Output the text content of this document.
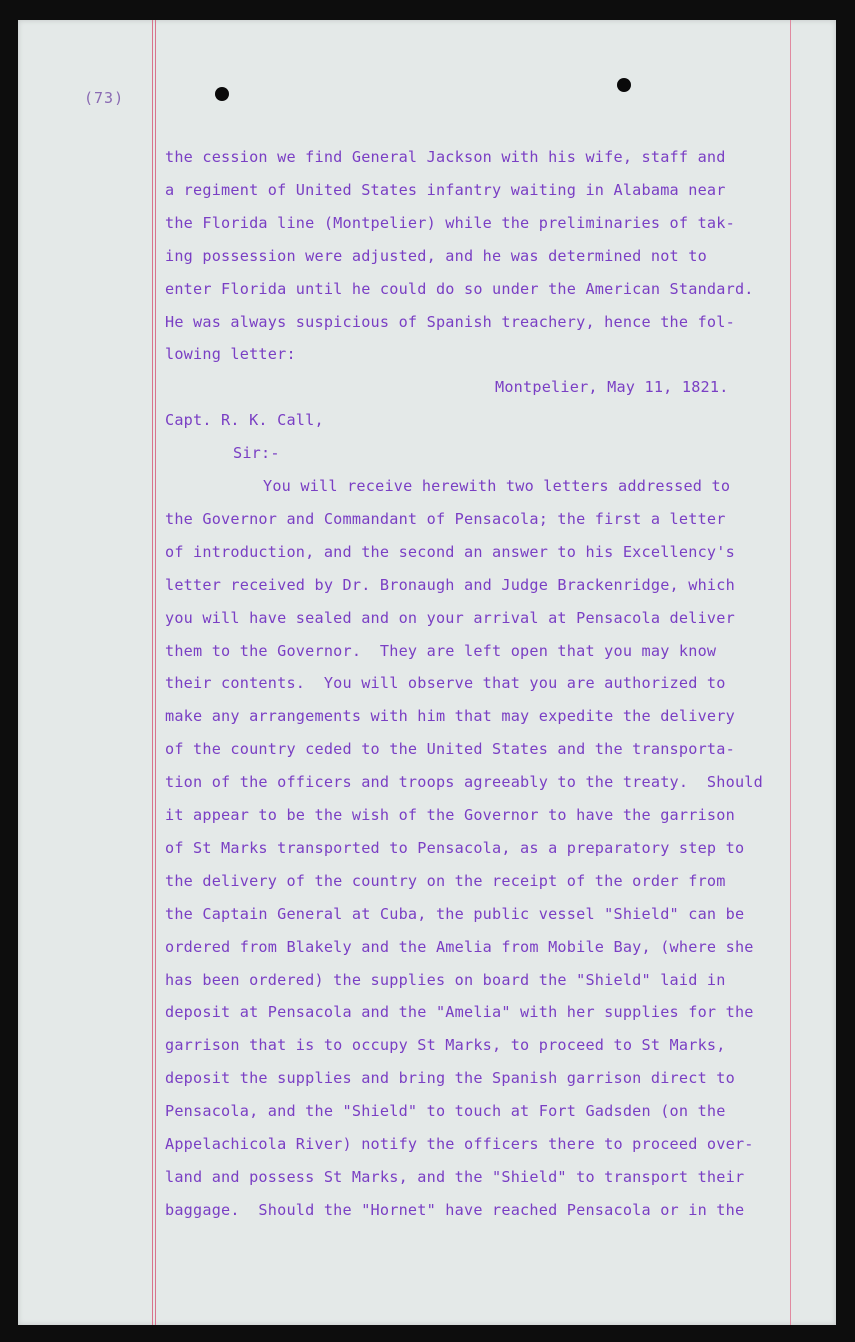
(73)
the cession we find General Jackson with his wife, staff and
a regiment of United States infantry waiting in Alabama near
the Florida line (Montpelier) while the preliminaries of tak-
ing possession were adjusted, and he was determined not to
enter Florida until he could do so under the American Standard.
He was always suspicious of Spanish treachery, hence the fol-
lowing letter:
Montpelier, May 11, 1821.
Capt. R. K. Call,
Sir:-
You will receive herewith two letters addressed to
the Governor and Commandant of Pensacola; the first a letter
of introduction, and the second an answer to his Excellency's
letter received by Dr. Bronaugh and Judge Brackenridge, which
you will have sealed and on your arrival at Pensacola deliver
them to the Governor.  They are left open that you may know
their contents.  You will observe that you are authorized to
make any arrangements with him that may expedite the delivery
of the country ceded to the United States and the transporta-
tion of the officers and troops agreeably to the treaty.  Should
it appear to be the wish of the Governor to have the garrison
of St Marks transported to Pensacola, as a preparatory step to
the delivery of the country on the receipt of the order from
the Captain General at Cuba, the public vessel "Shield" can be
ordered from Blakely and the Amelia from Mobile Bay, (where she
has been ordered) the supplies on board the "Shield" laid in
deposit at Pensacola and the "Amelia" with her supplies for the
garrison that is to occupy St Marks, to proceed to St Marks,
deposit the supplies and bring the Spanish garrison direct to
Pensacola, and the "Shield" to touch at Fort Gadsden (on the
Appelachicola River) notify the officers there to proceed over-
land and possess St Marks, and the "Shield" to transport their
baggage.  Should the "Hornet" have reached Pensacola or in the
